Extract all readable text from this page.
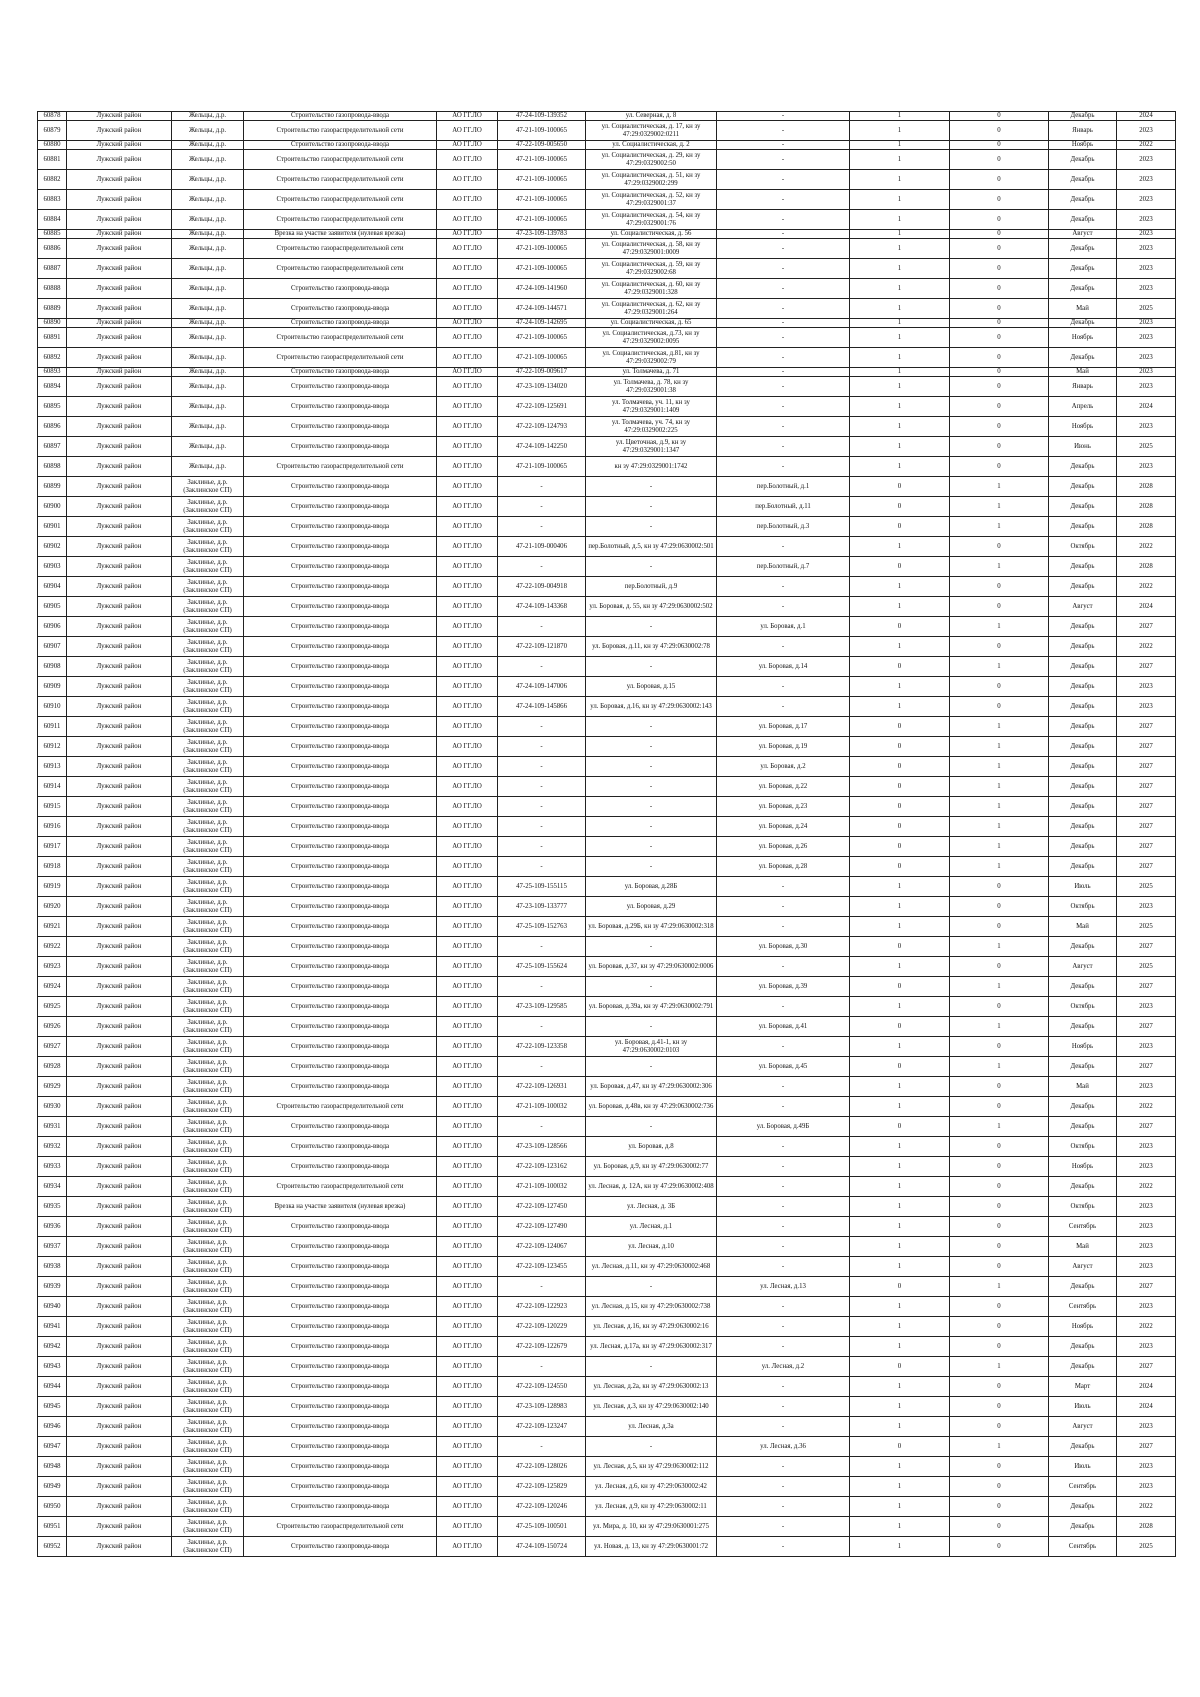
60878	Лужский район	Жельцы, д.р.	Строительство газопровода-ввода	АО ГГ.ЛО	47-24-109-139352	ул. Северная, д. 8	-	1	0	Декабрь	2024
60879	Лужский район	Жельцы, д.р.	Строительство газораспределительной сети	АО ГГ.ЛО	47-21-109-100065	ул. Социалистическая, д. 17, кн зу 47:29:0329002:0211	-	1	0	Январь	2023
60880	Лужский район	Жельцы, д.р.	Строительство газопровода-ввода	АО ГГ.ЛО	47-22-109-005650	ул. Социалистическая, д. 2	-	1	0	Ноябрь	2022
60881	Лужский район	Жельцы, д.р.	Строительство газораспределительной сети	АО ГГ.ЛО	47-21-109-100065	ул. Социалистическая, д. 29, кн зу 47:29:0329002:50	-	1	0	Декабрь	2023
60882	Лужский район	Жельцы, д.р.	Строительство газораспределительной сети	АО ГГ.ЛО	47-21-109-100065	ул. Социалистическая, д. 51, кн зу 47:29:0329002:299	-	1	0	Декабрь	2023
60883	Лужский район	Жельцы, д.р.	Строительство газораспределительной сети	АО ГГ.ЛО	47-21-109-100065	ул. Социалистическая, д. 52, кн зу 47:29:0329001:37	-	1	0	Декабрь	2023
60884	Лужский район	Жельцы, д.р.	Строительство газораспределительной сети	АО ГГ.ЛО	47-21-109-100065	ул. Социалистическая, д. 54, кн зу 47:29:0329001:76	-	1	0	Декабрь	2023
60885	Лужский район	Жельцы, д.р.	Врезка на участке заявителя (нулевая врезка)	АО ГГ.ЛО	47-23-109-139783	ул. Социалистическая, д. 56	-	1	0	Август	2023
60886	Лужский район	Жельцы, д.р.	Строительство газораспределительной сети	АО ГГ.ЛО	47-21-109-100065	ул. Социалистическая, д. 58, кн зу 47:29:0329001:0009	-	1	0	Декабрь	2023
60887	Лужский район	Жельцы, д.р.	Строительство газораспределительной сети	АО ГГ.ЛО	47-21-109-100065	ул. Социалистическая, д. 59, кн зу 47:29:0329002:68	-	1	0	Декабрь	2023
60888	Лужский район	Жельцы, д.р.	Строительство газопровода-ввода	АО ГГ.ЛО	47-24-109-141960	ул. Социалистическая, д. 60, кн зу 47:29:0329001:328	-	1	0	Декабрь	2023
60889	Лужский район	Жельцы, д.р.	Строительство газопровода-ввода	АО ГГ.ЛО	47-24-109-144571	ул. Социалистическая, д. 62, кн зу 47:29:0329001:264	-	1	0	Май	2025
60890	Лужский район	Жельцы, д.р.	Строительство газопровода-ввода	АО ГГ.ЛО	47-24-109-142695	ул. Социалистическая, д. 65	-	1	0	Декабрь	2023
60891	Лужский район	Жельцы, д.р.	Строительство газораспределительной сети	АО ГГ.ЛО	47-21-109-100065	ул. Социалистическая, д.73, кн зу 47:29:0329002:0095	-	1	0	Ноябрь	2023
60892	Лужский район	Жельцы, д.р.	Строительство газораспределительной сети	АО ГГ.ЛО	47-21-109-100065	ул. Социалистическая, д.81, кн зу 47:29:0329002:79	-	1	0	Декабрь	2023
60893	Лужский район	Жельцы, д.р.	Строительство газопровода-ввода	АО ГГ.ЛО	47-22-109-009617	ул. Толмачева, д. 71	-	1	0	Май	2023
60894	Лужский район	Жельцы, д.р.	Строительство газопровода-ввода	АО ГГ.ЛО	47-23-109-134020	ул. Толмачева, д. 78, кн зу 47:29:0329001:38	-	1	0	Январь	2023
60895	Лужский район	Жельцы, д.р.	Строительство газопровода-ввода	АО ГГ.ЛО	47-22-109-125691	ул. Толмачева, уч. 11, кн зу 47:29:0329001:1409	-	1	0	Апрель	2024
60896	Лужский район	Жельцы, д.р.	Строительство газопровода-ввода	АО ГГ.ЛО	47-22-109-124793	ул. Толмачева, уч. 74, кн зу 47:29:0329002:225	-	1	0	Ноябрь	2023
60897	Лужский район	Жельцы, д.р.	Строительство газопровода-ввода	АО ГГ.ЛО	47-24-109-142250	ул. Цветочная, д.9, кн зу 47:29:0329001:1347	-	1	0	Июнь	2025
60898	Лужский район	Жельцы, д.р.	Строительство газораспределительной сети	АО ГГ.ЛО	47-21-109-100065	кн зу 47:29:0329001:1742	-	1	0	Декабрь	2023
60899	Лужский район	Заклинье, д.р. (Заклинское СП)	Строительство газопровода-ввода	АО ГГ.ЛО	-	-	пер.Болотный, д.1	0	1	Декабрь	2028
60900	Лужский район	Заклинье, д.р. (Заклинское СП)	Строительство газопровода-ввода	АО ГГ.ЛО	-	-	пер.Болотный, д.11	0	1	Декабрь	2028
60901	Лужский район	Заклинье, д.р. (Заклинское СП)	Строительство газопровода-ввода	АО ГГ.ЛО	-	-	пер.Болотный, д.3	0	1	Декабрь	2028
60902	Лужский район	Заклинье, д.р. (Заклинское СП)	Строительство газопровода-ввода	АО ГГ.ЛО	47-21-109-000406	пер.Болотный, д.5, кн зу 47:29:0630002:501	-	1	0	Октябрь	2022
60903	Лужский район	Заклинье, д.р. (Заклинское СП)	Строительство газопровода-ввода	АО ГГ.ЛО	-	-	пер.Болотный, д.7	0	1	Декабрь	2028
60904	Лужский район	Заклинье, д.р. (Заклинское СП)	Строительство газопровода-ввода	АО ГГ.ЛО	47-22-109-004918	пер.Болотный, д.9	-	1	0	Декабрь	2022
60905	Лужский район	Заклинье, д.р. (Заклинское СП)	Строительство газопровода-ввода	АО ГГ.ЛО	47-24-109-143368	ул. Боровая, д. 55, кн зу 47:29:0630002:502	-	1	0	Август	2024
60906	Лужский район	Заклинье, д.р. (Заклинское СП)	Строительство газопровода-ввода	АО ГГ.ЛО	-	-	ул. Боровая, д.1	0	1	Декабрь	2027
60907	Лужский район	Заклинье, д.р. (Заклинское СП)	Строительство газопровода-ввода	АО ГГ.ЛО	47-22-109-121870	ул. Боровая, д.11, кн зу 47:29:0630002:78	-	1	0	Декабрь	2022
60908	Лужский район	Заклинье, д.р. (Заклинское СП)	Строительство газопровода-ввода	АО ГГ.ЛО	-	-	ул. Боровая, д.14	0	1	Декабрь	2027
60909	Лужский район	Заклинье, д.р. (Заклинское СП)	Строительство газопровода-ввода	АО ГГ.ЛО	47-24-109-147006	ул. Боровая, д.15	-	1	0	Декабрь	2023
60910	Лужский район	Заклинье, д.р. (Заклинское СП)	Строительство газопровода-ввода	АО ГГ.ЛО	47-24-109-145866	ул. Боровая, д.16, кн зу 47:29:0630002:143	-	1	0	Декабрь	2023
60911	Лужский район	Заклинье, д.р. (Заклинское СП)	Строительство газопровода-ввода	АО ГГ.ЛО	-	-	ул. Боровая, д.17	0	1	Декабрь	2027
60912	Лужский район	Заклинье, д.р. (Заклинское СП)	Строительство газопровода-ввода	АО ГГ.ЛО	-	-	ул. Боровая, д.19	0	1	Декабрь	2027
60913	Лужский район	Заклинье, д.р. (Заклинское СП)	Строительство газопровода-ввода	АО ГГ.ЛО	-	-	ул. Боровая, д.2	0	1	Декабрь	2027
60914	Лужский район	Заклинье, д.р. (Заклинское СП)	Строительство газопровода-ввода	АО ГГ.ЛО	-	-	ул. Боровая, д.22	0	1	Декабрь	2027
60915	Лужский район	Заклинье, д.р. (Заклинское СП)	Строительство газопровода-ввода	АО ГГ.ЛО	-	-	ул. Боровая, д.23	0	1	Декабрь	2027
60916	Лужский район	Заклинье, д.р. (Заклинское СП)	Строительство газопровода-ввода	АО ГГ.ЛО	-	-	ул. Боровая, д.24	0	1	Декабрь	2027
60917	Лужский район	Заклинье, д.р. (Заклинское СП)	Строительство газопровода-ввода	АО ГГ.ЛО	-	-	ул. Боровая, д.26	0	1	Декабрь	2027
60918	Лужский район	Заклинье, д.р. (Заклинское СП)	Строительство газопровода-ввода	АО ГГ.ЛО	-	-	ул. Боровая, д.28	0	1	Декабрь	2027
60919	Лужский район	Заклинье, д.р. (Заклинское СП)	Строительство газопровода-ввода	АО ГГ.ЛО	47-25-109-155115	ул. Боровая, д.28Б	-	1	0	Июль	2025
60920	Лужский район	Заклинье, д.р. (Заклинское СП)	Строительство газопровода-ввода	АО ГГ.ЛО	47-23-109-133777	ул. Боровая, д.29	-	1	0	Октябрь	2023
60921	Лужский район	Заклинье, д.р. (Заклинское СП)	Строительство газопровода-ввода	АО ГГ.ЛО	47-25-109-152763	ул. Боровая, д.29Б, кн зу 47:29:0630002:318	-	1	0	Май	2025
60922	Лужский район	Заклинье, д.р. (Заклинское СП)	Строительство газопровода-ввода	АО ГГ.ЛО	-	-	ул. Боровая, д.30	0	1	Декабрь	2027
60923	Лужский район	Заклинье, д.р. (Заклинское СП)	Строительство газопровода-ввода	АО ГГ.ЛО	47-25-109-155624	ул. Боровая, д.37, кн зу 47:29:0630002:0006	-	1	0	Август	2025
60924	Лужский район	Заклинье, д.р. (Заклинское СП)	Строительство газопровода-ввода	АО ГГ.ЛО	-	-	ул. Боровая, д.39	0	1	Декабрь	2027
60925	Лужский район	Заклинье, д.р. (Заклинское СП)	Строительство газопровода-ввода	АО ГГ.ЛО	47-23-109-129585	ул. Боровая, д.39а, кн зу 47:29:0630002:791	-	1	0	Октябрь	2023
60926	Лужский район	Заклинье, д.р. (Заклинское СП)	Строительство газопровода-ввода	АО ГГ.ЛО	-	-	ул. Боровая, д.41	0	1	Декабрь	2027
60927	Лужский район	Заклинье, д.р. (Заклинское СП)	Строительство газопровода-ввода	АО ГГ.ЛО	47-22-109-123358	ул. Боровая, д.41-1, кн зу 47:29:0630002:0103	-	1	0	Ноябрь	2023
60928	Лужский район	Заклинье, д.р. (Заклинское СП)	Строительство газопровода-ввода	АО ГГ.ЛО	-	-	ул. Боровая, д.45	0	1	Декабрь	2027
60929	Лужский район	Заклинье, д.р. (Заклинское СП)	Строительство газопровода-ввода	АО ГГ.ЛО	47-22-109-126931	ул. Боровая, д.47, кн зу 47:29:0630002:306	-	1	0	Май	2023
60930	Лужский район	Заклинье, д.р. (Заклинское СП)	Строительство газораспределительной сети	АО ГГ.ЛО	47-21-109-100032	ул. Боровая, д.48в, кн зу 47:29:0630002:736	-	1	0	Декабрь	2022
60931	Лужский район	Заклинье, д.р. (Заклинское СП)	Строительство газопровода-ввода	АО ГГ.ЛО	-	-	ул. Боровая, д.49Б	0	1	Декабрь	2027
60932	Лужский район	Заклинье, д.р. (Заклинское СП)	Строительство газопровода-ввода	АО ГГ.ЛО	47-23-109-128566	ул. Боровая, д.8	-	1	0	Октябрь	2023
60933	Лужский район	Заклинье, д.р. (Заклинское СП)	Строительство газопровода-ввода	АО ГГ.ЛО	47-22-109-123162	ул. Боровая, д.9, кн зу 47:29:0630002:77	-	1	0	Ноябрь	2023
60934	Лужский район	Заклинье, д.р. (Заклинское СП)	Строительство газораспределительной сети	АО ГГ.ЛО	47-21-109-100032	ул. Лесная, д. 12А, кн зу 47:29:0630002:408	-	1	0	Декабрь	2022
60935	Лужский район	Заклинье, д.р. (Заклинское СП)	Врезка на участке заявителя (нулевая врезка)	АО ГГ.ЛО	47-22-109-127450	ул. Лесная, д. 3Б	-	1	0	Октябрь	2023
60936	Лужский район	Заклинье, д.р. (Заклинское СП)	Строительство газопровода-ввода	АО ГГ.ЛО	47-22-109-127490	ул. Лесная, д.1	-	1	0	Сентябрь	2023
60937	Лужский район	Заклинье, д.р. (Заклинское СП)	Строительство газопровода-ввода	АО ГГ.ЛО	47-22-109-124067	ул. Лесная, д.10	-	1	0	Май	2023
60938	Лужский район	Заклинье, д.р. (Заклинское СП)	Строительство газопровода-ввода	АО ГГ.ЛО	47-22-109-123455	ул. Лесная, д.11, кн зу 47:29:0630002:468	-	1	0	Август	2023
60939	Лужский район	Заклинье, д.р. (Заклинское СП)	Строительство газопровода-ввода	АО ГГ.ЛО	-	-	ул. Лесная, д.13	0	1	Декабрь	2027
60940	Лужский район	Заклинье, д.р. (Заклинское СП)	Строительство газопровода-ввода	АО ГГ.ЛО	47-22-109-122923	ул. Лесная, д.15, кн зу 47:29:0630002:738	-	1	0	Сентябрь	2023
60941	Лужский район	Заклинье, д.р. (Заклинское СП)	Строительство газопровода-ввода	АО ГГ.ЛО	47-22-109-120229	ул. Лесная, д.16, кн зу 47:29:0630002:16	-	1	0	Ноябрь	2022
60942	Лужский район	Заклинье, д.р. (Заклинское СП)	Строительство газопровода-ввода	АО ГГ.ЛО	47-22-109-122679	ул. Лесная, д.17а, кн зу 47:29:0630002:317	-	1	0	Декабрь	2023
60943	Лужский район	Заклинье, д.р. (Заклинское СП)	Строительство газопровода-ввода	АО ГГ.ЛО	-	-	ул. Лесная, д.2	0	1	Декабрь	2027
60944	Лужский район	Заклинье, д.р. (Заклинское СП)	Строительство газопровода-ввода	АО ГГ.ЛО	47-22-109-124550	ул. Лесная, д.2а, кн зу 47:29:0630002:13	-	1	0	Март	2024
60945	Лужский район	Заклинье, д.р. (Заклинское СП)	Строительство газопровода-ввода	АО ГГ.ЛО	47-23-109-128983	ул. Лесная, д.3, кн зу 47:29:0630002:140	-	1	0	Июль	2024
60946	Лужский район	Заклинье, д.р. (Заклинское СП)	Строительство газопровода-ввода	АО ГГ.ЛО	47-22-109-123247	ул. Лесная, д.3а	-	1	0	Август	2023
60947	Лужский район	Заклинье, д.р. (Заклинское СП)	Строительство газопровода-ввода	АО ГГ.ЛО	-	-	ул. Лесная, д.36	0	1	Декабрь	2027
60948	Лужский район	Заклинье, д.р. (Заклинское СП)	Строительство газопровода-ввода	АО ГГ.ЛО	47-22-109-128026	ул. Лесная, д.5, кн зу 47:29:0630002:112	-	1	0	Июль	2023
60949	Лужский район	Заклинье, д.р. (Заклинское СП)	Строительство газопровода-ввода	АО ГГ.ЛО	47-22-109-125829	ул. Лесная, д.6, кн зу 47:29:0630002:42	-	1	0	Сентябрь	2023
60950	Лужский район	Заклинье, д.р. (Заклинское СП)	Строительство газопровода-ввода	АО ГГ.ЛО	47-22-109-120246	ул. Лесная, д.9, кн зу 47:29:0630002:11	-	1	0	Декабрь	2022
60951	Лужский район	Заклинье, д.р. (Заклинское СП)	Строительство газораспределительной сети	АО ГГ.ЛО	47-25-109-100501	ул. Мира, д. 10, кн зу 47:29:0630001:275	-	1	0	Декабрь	2028
60952	Лужский район	Заклинье, д.р. (Заклинское СП)	Строительство газопровода-ввода	АО ГГ.ЛО	47-24-109-150724	ул. Новая, д. 13, кн зу 47:29:0630001:72	-	1	0	Сентябрь	2025
